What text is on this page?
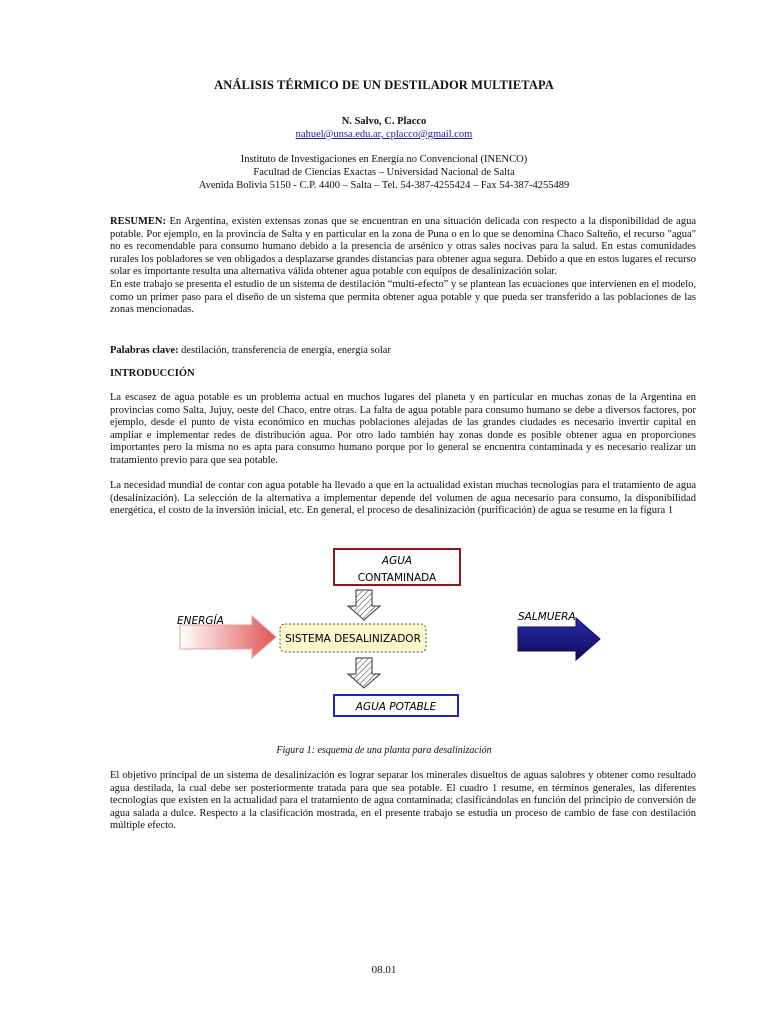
ANÁLISIS TÉRMICO DE UN DESTILADOR MULTIETAPA
N. Salvo, C. Placco
nahuel@unsa.edu.ar, cplacco@gmail.com
Instituto de Investigaciones en Energía no Convencional (INENCO)
Facultad de Ciencias Exactas – Universidad Nacional de Salta
Avenida Bolivia 5150 - C.P. 4400 – Salta – Tel. 54-387-4255424 – Fax 54-387-4255489

RESUMEN: En Argentina, existen extensas zonas que se encuentran en una situación delicada con respecto a la disponibilidad de agua potable. Por ejemplo, en la provincia de Salta y en particular en la zona de Puna o en lo que se denomina Chaco Salteño, el recurso "agua" no es recomendable para consumo humano debido a la presencia de arsénico y otras sales nocivas para la salud. En estas comunidades rurales los pobladores se ven obligados a desplazarse grandes distancias para obtener agua segura. Debido a que en estos lugares el recurso solar es importante resulta una alternativa válida obtener agua potable con equipos de desalinización solar.

En este trabajo se presenta el estudio de un sistema de destilación “multi-efecto” y se plantean las ecuaciones que intervienen en el modelo, como un primer paso para el diseño de un sistema que permita obtener agua potable y que pueda ser transferido a las poblaciones de las zonas mencionadas.

Palabras clave: destilación, transferencia de energía, energía solar
INTRODUCCIÓN
La escasez de agua potable es un problema actual en muchos lugares del planeta y en particular en muchas zonas de la Argentina en provincias como Salta, Jujuy, oeste del Chaco, entre otras. La falta de agua potable para consumo humano se debe a diversos factores, por ejemplo, desde el punto de vista económico en muchas poblaciones alejadas de las grandes ciudades es necesario invertir capital en ampliar e implementar redes de distribución agua. Por otro lado también hay zonas donde es posible obtener agua en proporciones importantes pero la misma no es apta para consumo humano porque por lo general se encuentra contaminada y es necesario realizar un tratamiento previo para que sea potable.
La necesidad mundial de contar con agua potable ha llevado a que en la actualidad existan muchas tecnologías para el tratamiento de agua (desalinización). La selección de la alternativa a implementar depende del volumen de agua necesario para consumo, la disponibilidad energética, el costo de la inversión inicial, etc. En general, el proceso de desalinización (purificación) de agua se resume en la figura 1
AGUA
CONTAMINADA
ENERGÍA
SISTEMA DESALINIZADOR
SALMUERA
AGUA POTABLE
Figura 1: esquema de una planta para desalinización
El objetivo principal de un sistema de desalinización es lograr separar los minerales disueltos de aguas salobres y obtener como resultado agua destilada, la cual debe ser posteriormente tratada para que sea potable. El cuadro 1 resume, en términos generales, las diferentes tecnologías que existen en la actualidad para el tratamiento de agua contaminada; clasificándolas en función del principio de conversión de agua salada a dulce. Respecto a la clasificación mostrada, en el presente trabajo se estudia un proceso de cambio de fase con destilación múltiple efecto.
08.01
